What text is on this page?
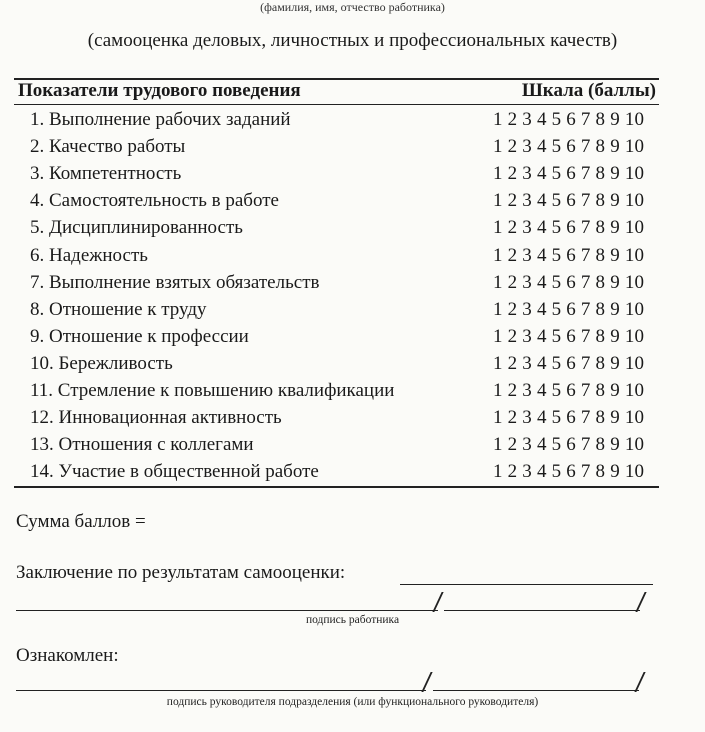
(фамилия, имя, отчество работника)
(самооценка деловых, личностных и профессиональных качеств)
Показатели трудового поведения	Шкала (баллы)
1. Выполнение рабочих заданий	1 2 3 4 5 6 7 8 9 10
2. Качество работы	1 2 3 4 5 6 7 8 9 10
3. Компетентность	1 2 3 4 5 6 7 8 9 10
4. Самостоятельность в работе	1 2 3 4 5 6 7 8 9 10
5. Дисциплинированность	1 2 3 4 5 6 7 8 9 10
6. Надежность	1 2 3 4 5 6 7 8 9 10
7. Выполнение взятых обязательств	1 2 3 4 5 6 7 8 9 10
8. Отношение к труду	1 2 3 4 5 6 7 8 9 10
9. Отношение к профессии	1 2 3 4 5 6 7 8 9 10
10. Бережливость	1 2 3 4 5 6 7 8 9 10
11. Стремление к повышению квалификации	1 2 3 4 5 6 7 8 9 10
12. Инновационная активность	1 2 3 4 5 6 7 8 9 10
13. Отношения с коллегами	1 2 3 4 5 6 7 8 9 10
14. Участие в общественной работе	1 2 3 4 5 6 7 8 9 10
Сумма баллов =
Заключение по результатам самооценки:
подпись работника
Ознакомлен:
подпись руководителя подразделения (или функционального руководителя)
